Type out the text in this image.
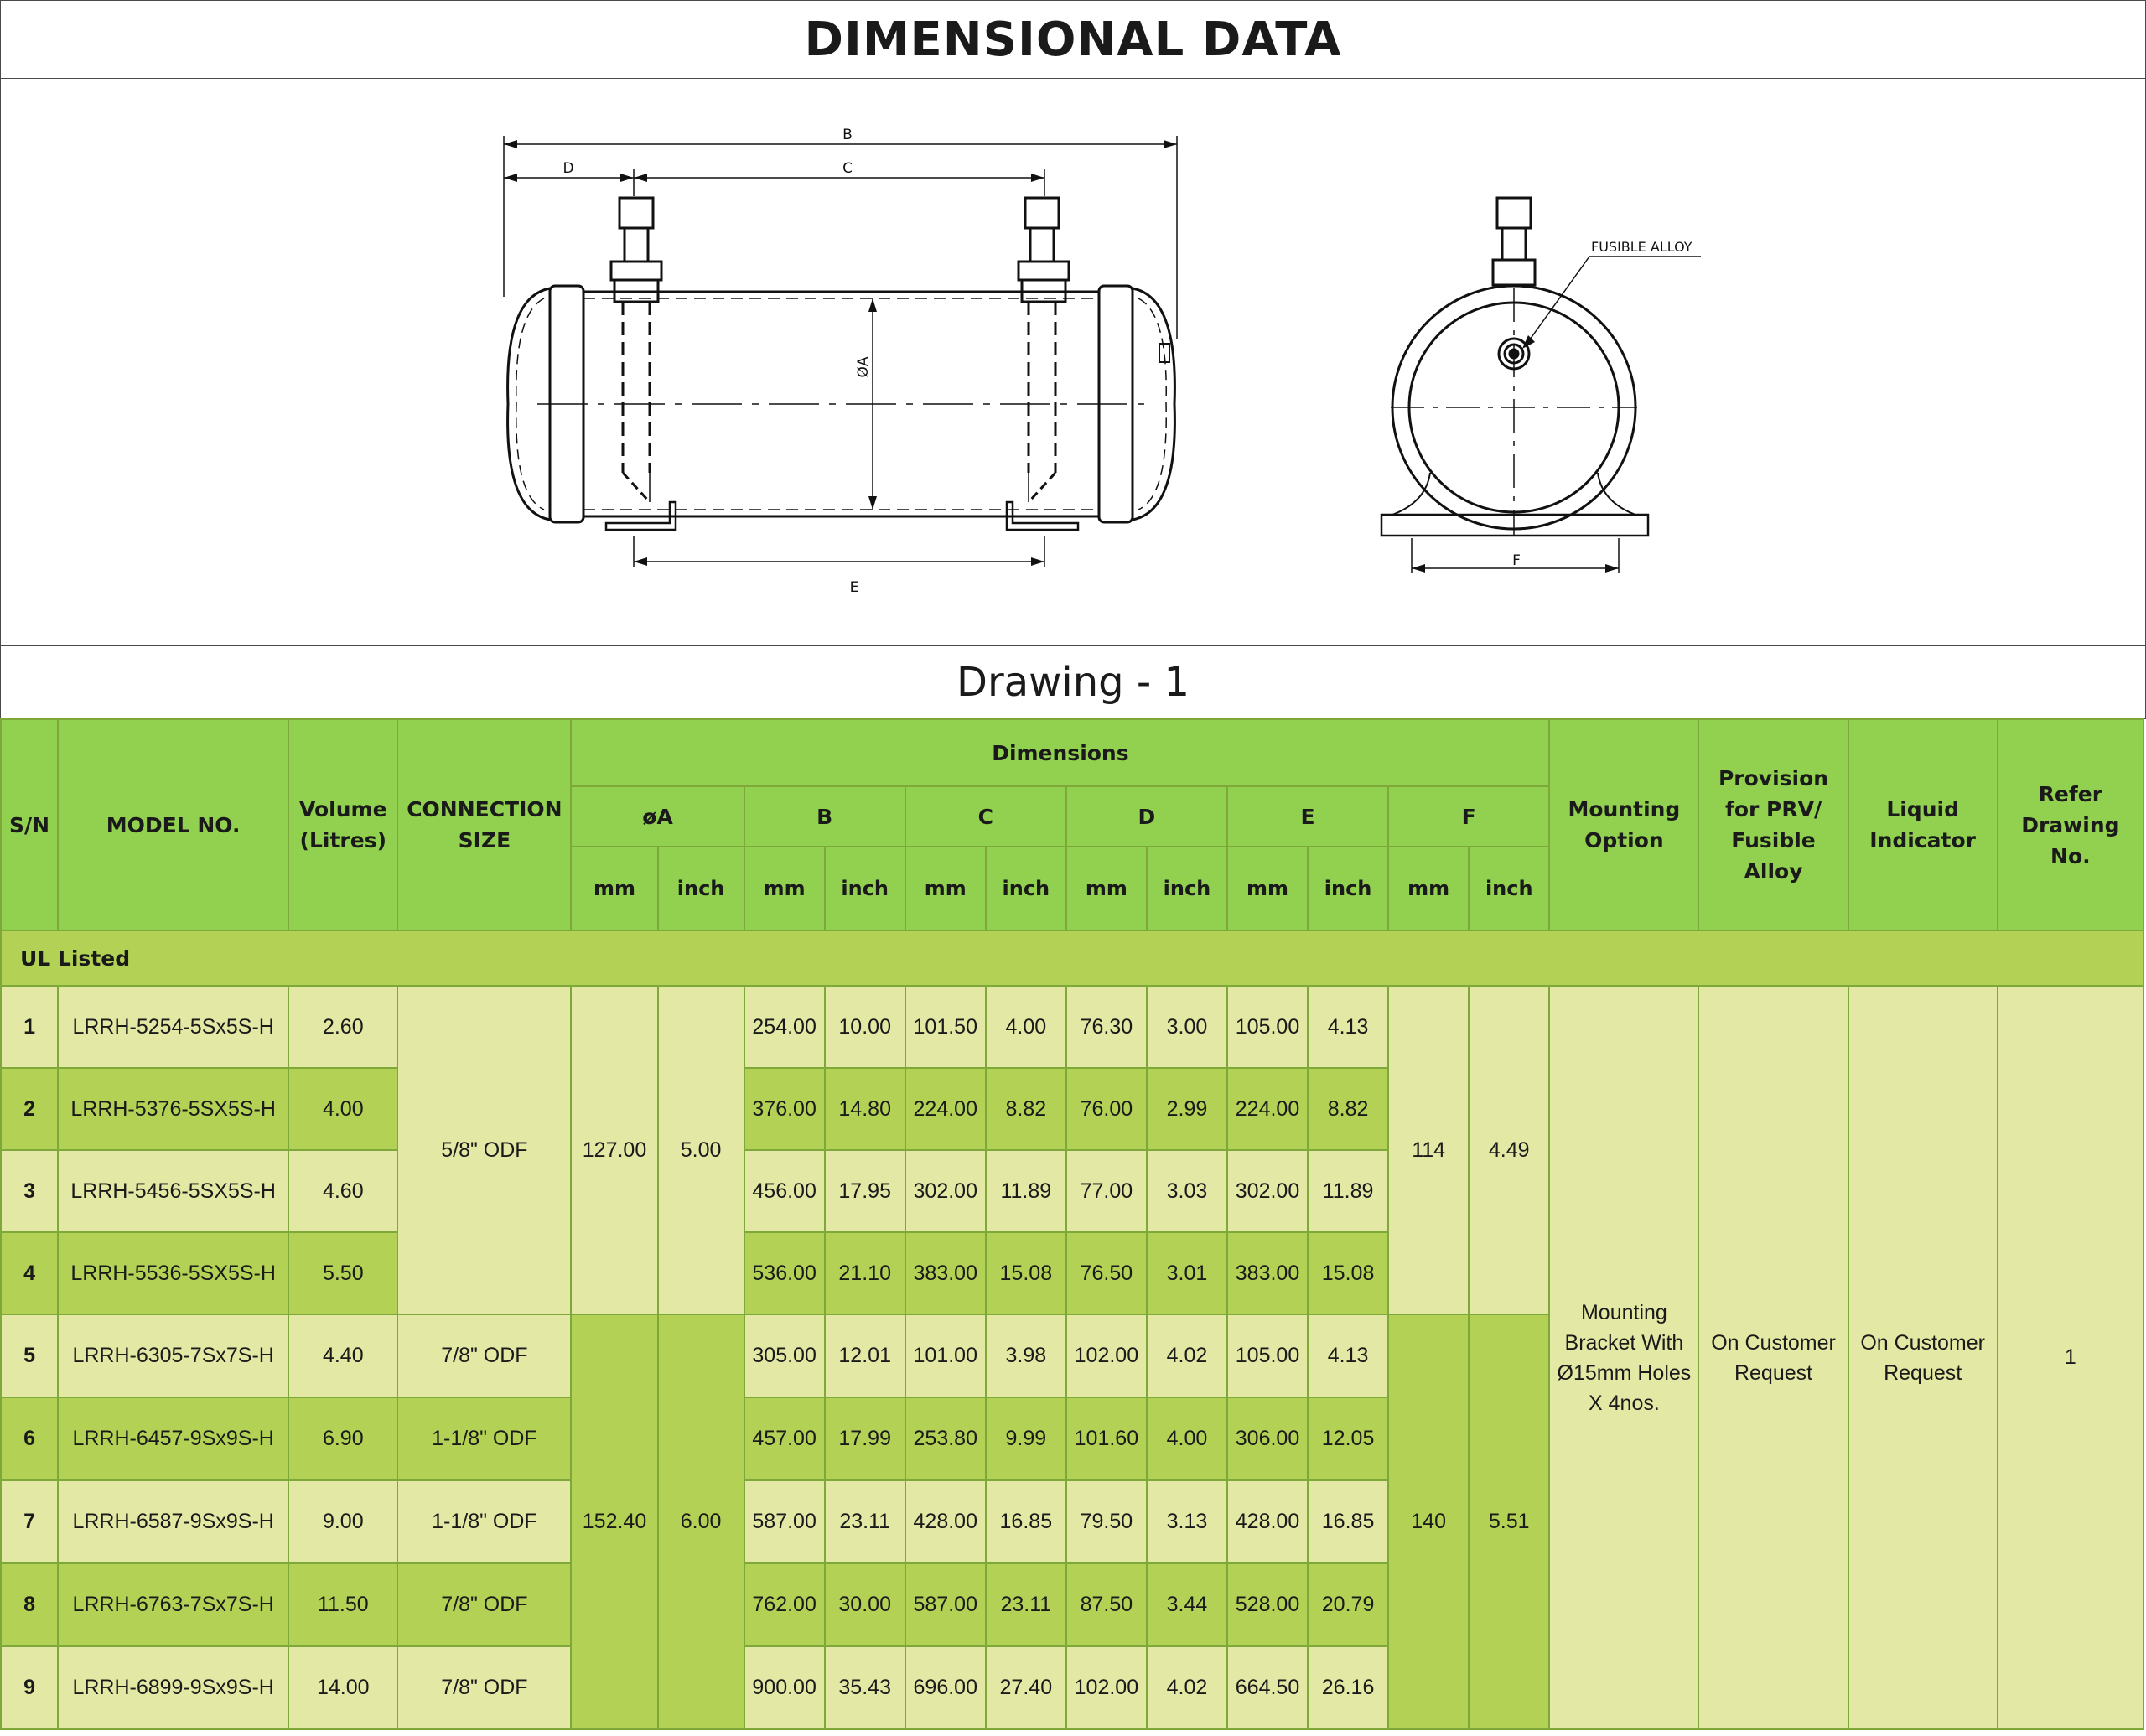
DIMENSIONAL DATA
B
D	C
E
ØA
FUSIBLE ALLOY
F
Drawing - 1
S/N	MODEL NO.	Volume (Litres)	CONNECTION SIZE	Dimensions												Mounting Option	Provision for PRV/ Fusible Alloy	Liquid Indicator	Refer Drawing No.
				øA		B		C		D		E		F					
				mm	inch	mm	inch	mm	inch	mm	inch	mm	inch	mm	inch				
UL Listed																			
1	LRRH-5254-5Sx5S-H	2.60	5/8" ODF	127.00	5.00	254.00	10.00	101.50	4.00	76.30	3.00	105.00	4.13	114	4.49	Mounting Bracket With Ø15mm Holes X 4nos.	On Customer Request	On Customer Request	1
2	LRRH-5376-5SX5S-H	4.00				376.00	14.80	224.00	8.82	76.00	2.99	224.00	8.82						
3	LRRH-5456-5SX5S-H	4.60				456.00	17.95	302.00	11.89	77.00	3.03	302.00	11.89						
4	LRRH-5536-5SX5S-H	5.50				536.00	21.10	383.00	15.08	76.50	3.01	383.00	15.08						
5	LRRH-6305-7Sx7S-H	4.40	7/8" ODF	152.40	6.00	305.00	12.01	101.00	3.98	102.00	4.02	105.00	4.13	140	5.51				
6	LRRH-6457-9Sx9S-H	6.90	1-1/8" ODF			457.00	17.99	253.80	9.99	101.60	4.00	306.00	12.05						
7	LRRH-6587-9Sx9S-H	9.00	1-1/8" ODF			587.00	23.11	428.00	16.85	79.50	3.13	428.00	16.85						
8	LRRH-6763-7Sx7S-H	11.50	7/8" ODF			762.00	30.00	587.00	23.11	87.50	3.44	528.00	20.79						
9	LRRH-6899-9Sx9S-H	14.00	7/8" ODF			900.00	35.43	696.00	27.40	102.00	4.02	664.50	26.16						
